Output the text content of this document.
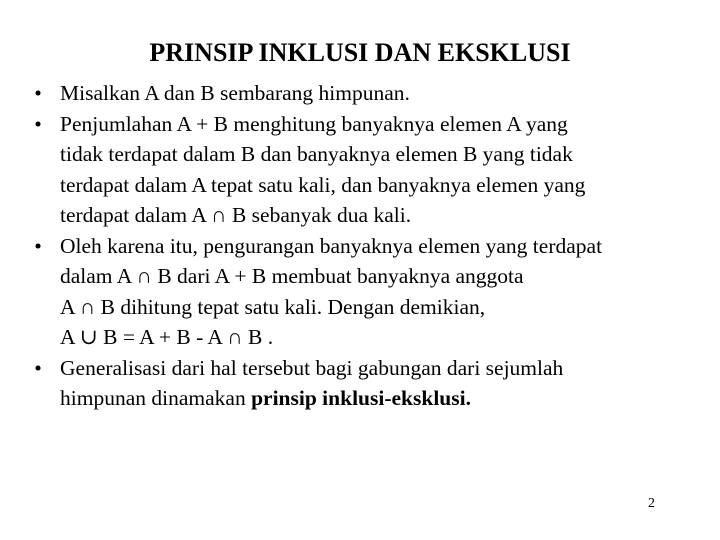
PRINSIP INKLUSI DAN EKSKLUSI
• Misalkan A dan B sembarang himpunan.
• Penjumlahan A + B menghitung banyaknya elemen A yang
tidak terdapat dalam B dan banyaknya elemen B yang tidak
terdapat dalam A tepat satu kali, dan banyaknya elemen yang
terdapat dalam A ∩ B sebanyak dua kali.
• Oleh karena itu, pengurangan banyaknya elemen yang terdapat
dalam A ∩ B dari A + B membuat banyaknya anggota
A ∩ B dihitung tepat satu kali. Dengan demikian,
A ∪ B = A + B - A ∩ B .
• Generalisasi dari hal tersebut bagi gabungan dari sejumlah
himpunan dinamakan prinsip inklusi-eksklusi.
2
